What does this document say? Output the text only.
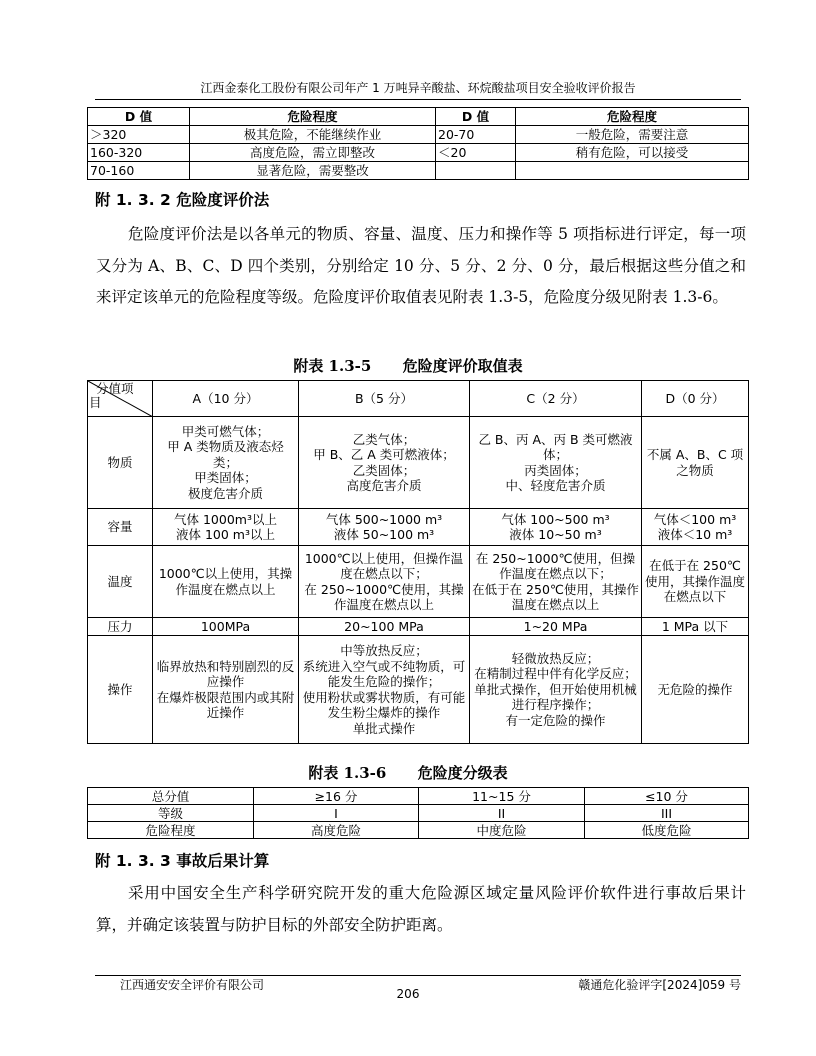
江西金泰化工股份有限公司年产 1 万吨异辛酸盐、环烷酸盐项目安全验收评价报告
D 值	危险程度	D 值	危险程度
＞320	极其危险，不能继续作业	20-70	一般危险，需要注意
160-320	高度危险，需立即整改	＜20	稍有危险，可以接受
70-160	显著危险，需要整改		
附 1. 3. 2 危险度评价法
危险度评价法是以各单元的物质、容量、温度、压力和操作等 5 项指标进行评定，每一项又分为 A、B、C、D 四个类别，分别给定 10 分、5 分、2 分、0 分，最后根据这些分值之和来评定该单元的危险程度等级。危险度评价取值表见附表 1.3-5，危险度分级见附表 1.3-6。
附表 1.3-5      危险度评价取值表
分值项
目	A（10 分）	B（5 分）	C（2 分）	D（0 分）
物质	甲类可燃气体；
甲 A 类物质及液态烃类；
甲类固体；
极度危害介质	乙类气体；
甲 B、乙 A 类可燃液体；
乙类固体；
高度危害介质	乙 B、丙 A、丙 B 类可燃液体；
丙类固体；
中、轻度危害介质	不属 A、B、C 项之物质
容量	气体 1000m³以上
液体 100 m³以上	气体 500~1000 m³
液体 50~100 m³	气体 100~500 m³
液体 10~50 m³	气体＜100 m³
液体＜10 m³
温度	1000℃以上使用，其操作温度在燃点以上	1000℃以上使用，但操作温度在燃点以下；
在 250~1000℃使用，其操作温度在燃点以上	在 250~1000℃使用，但操作温度在燃点以下；
在低于在 250℃使用，其操作温度在燃点以上	在低于在 250℃使用，其操作温度在燃点以下
压力	100MPa	20~100 MPa	1~20 MPa	1 MPa 以下
操作	临界放热和特别剧烈的反应操作
在爆炸极限范围内或其附近操作	中等放热反应；
系统进入空气或不纯物质，可能发生危险的操作；
使用粉状或雾状物质，有可能发生粉尘爆炸的操作
单批式操作	轻微放热反应；
在精制过程中伴有化学反应；
单批式操作，但开始使用机械进行程序操作；
有一定危险的操作	无危险的操作
附表 1.3-6      危险度分级表
总分值	≥16 分	11~15 分	≤10 分
等级	I	II	III
危险程度	高度危险	中度危险	低度危险
附 1. 3. 3 事故后果计算
采用中国安全生产科学研究院开发的重大危险源区域定量风险评价软件进行事故后果计算，并确定该装置与防护目标的外部安全防护距离。
江西通安安全评价有限公司	赣通危化验评字[2024]059 号
206
